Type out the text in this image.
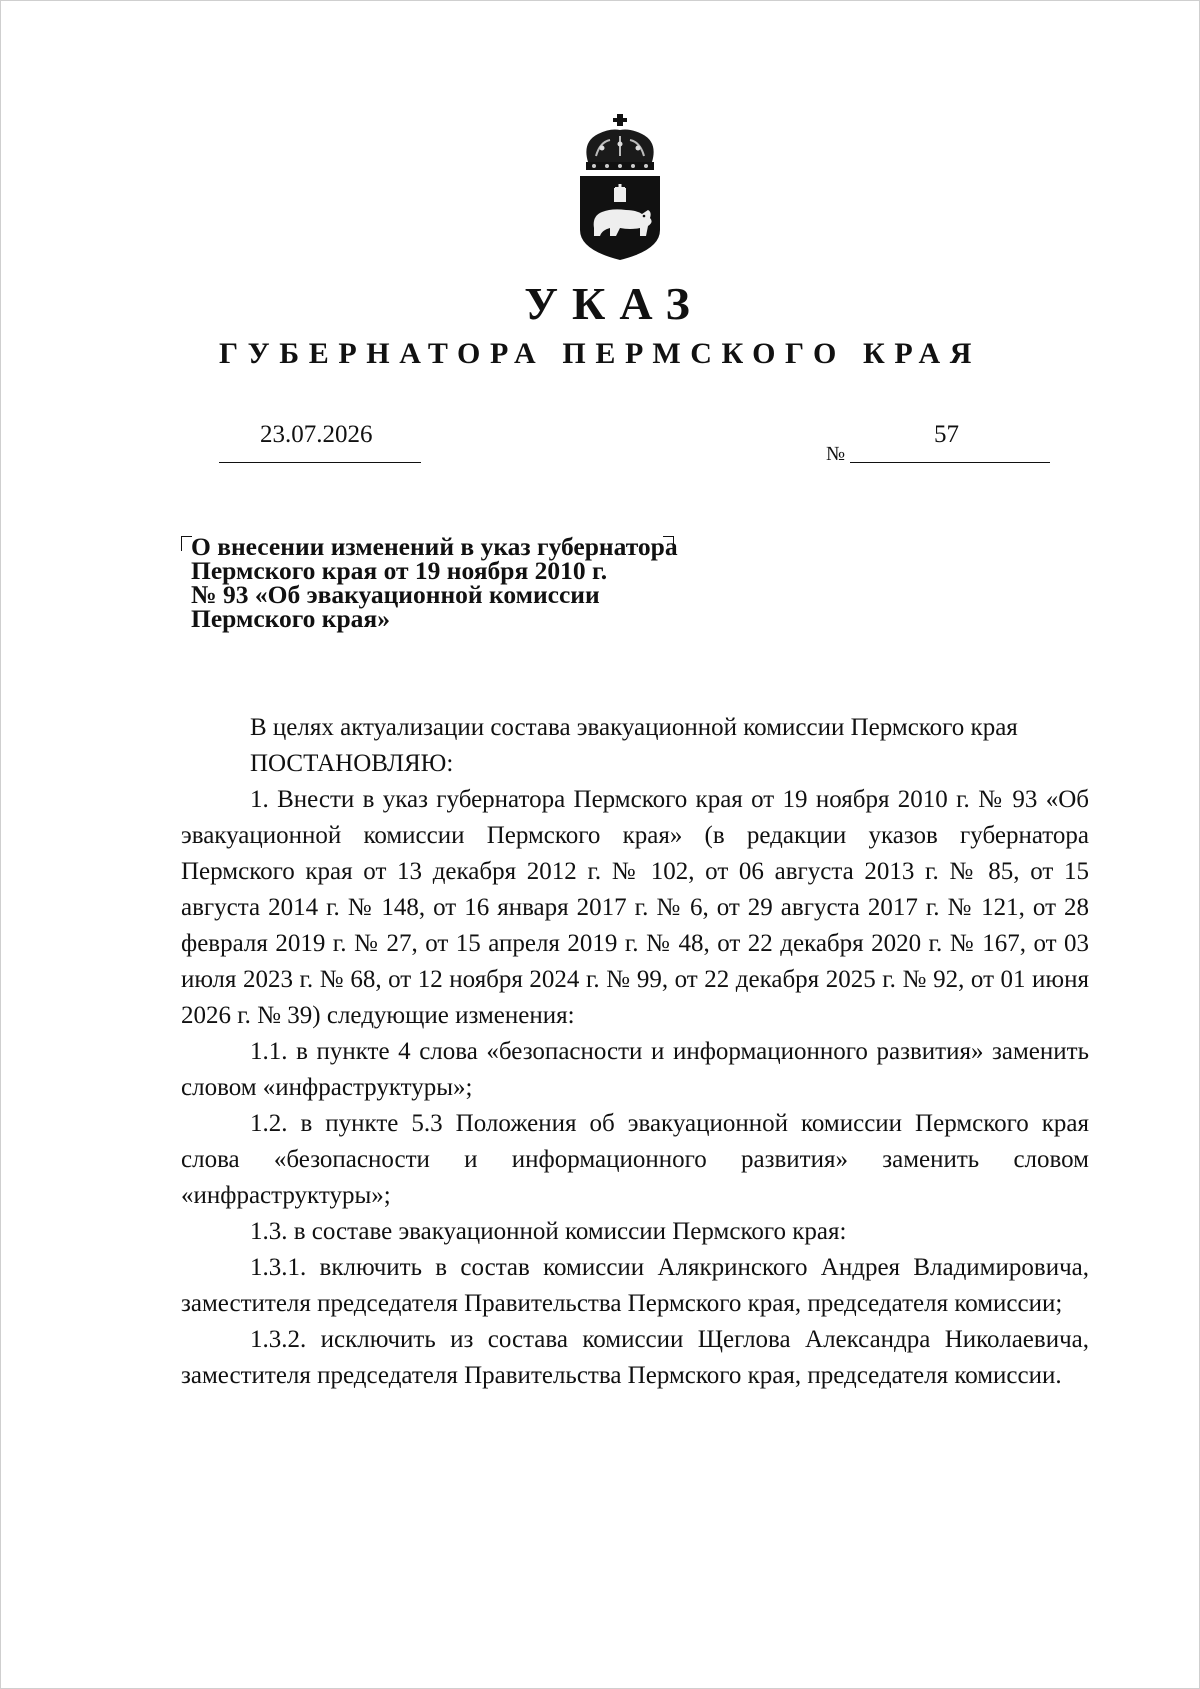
УКАЗ
ГУБЕРНАТОРА ПЕРМСКОГО КРАЯ
23.07.2026
№
57
О внесении изменений в указ губернатора
Пермского края от 19 ноября 2010 г.
№ 93 «Об эвакуационной комиссии
Пермского края»

В целях актуализации состава эвакуационной комиссии Пермского края

ПОСТАНОВЛЯЮ:

1. Внести в указ губернатора Пермского края от 19 ноября 2010 г. № 93 «Об эвакуационной комиссии Пермского края» (в редакции указов губернатора Пермского края от 13 декабря 2012 г. № 102, от 06 августа 2013 г. № 85, от 15 августа 2014 г. № 148, от 16 января 2017 г. № 6, от 29 августа 2017 г. № 121, от 28 февраля 2019 г. № 27, от 15 апреля 2019 г. № 48, от 22 декабря 2020 г. № 167, от 03 июля 2023 г. № 68, от 12 ноября 2024 г. № 99, от 22 декабря 2025 г. № 92, от 01 июня 2026 г. № 39) следующие изменения:

1.1. в пункте 4 слова «безопасности и информационного развития» заменить словом «инфраструктуры»;

1.2. в пункте 5.3 Положения об эвакуационной комиссии Пермского края слова «безопасности и информационного развития» заменить словом «инфраструктуры»;

1.3. в составе эвакуационной комиссии Пермского края:

1.3.1. включить в состав комиссии Алякринского Андрея Владимировича, заместителя председателя Правительства Пермского края, председателя комиссии;

1.3.2. исключить из состава комиссии Щеглова Александра Николаевича, заместителя председателя Правительства Пермского края, председателя комиссии.
